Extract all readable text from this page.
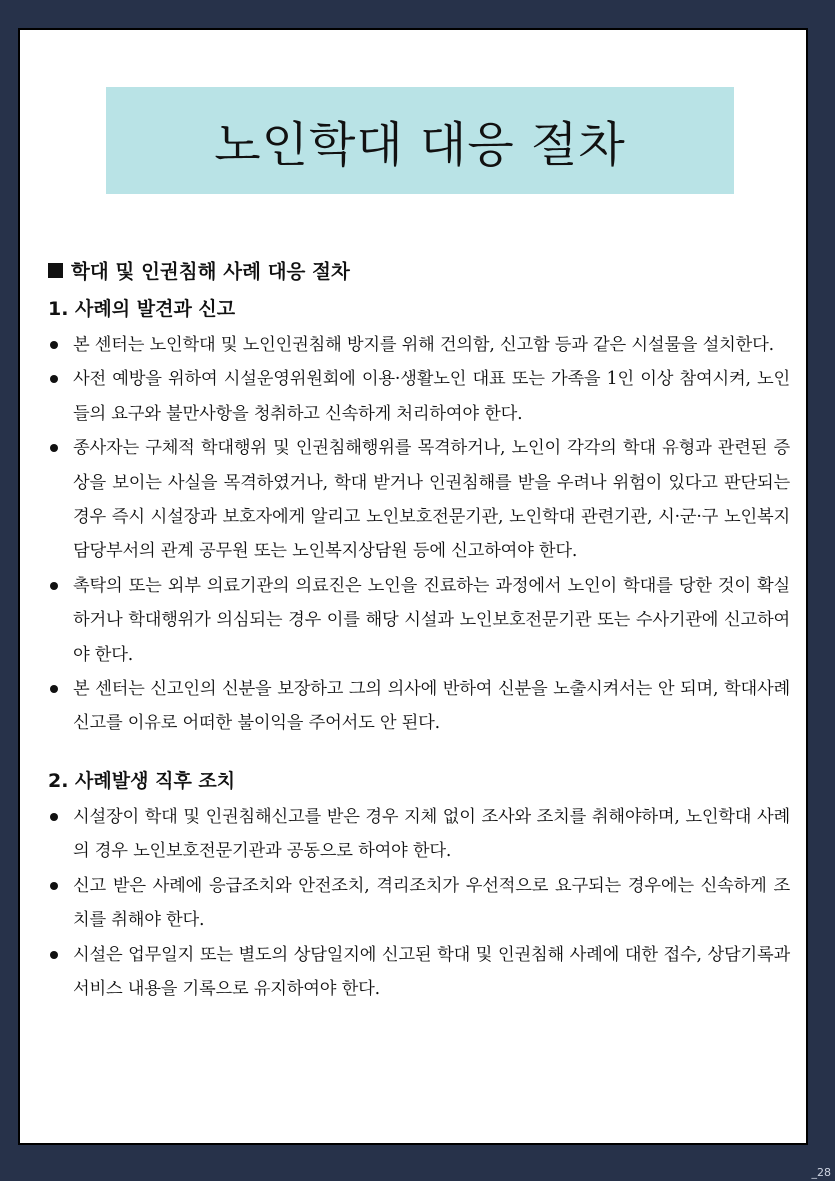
노인학대 대응 절차
학대 및 인권침해 사례 대응 절차
1. 사례의 발견과 신고
본 센터는 노인학대 및 노인인권침해 방지를 위해 건의함, 신고함 등과 같은 시설물을 설치한다.
사전 예방을 위하여 시설운영위원회에 이용·생활노인 대표 또는 가족을 1인 이상 참여시켜, 노인들의 요구와 불만사항을 청취하고 신속하게 처리하여야 한다.
종사자는 구체적 학대행위 및 인권침해행위를 목격하거나, 노인이 각각의 학대 유형과 관련된 증상을 보이는 사실을 목격하였거나, 학대 받거나 인권침해를 받을 우려나 위험이 있다고 판단되는 경우 즉시 시설장과 보호자에게 알리고 노인보호전문기관, 노인학대 관련기관, 시·군·구 노인복지 담당부서의 관계 공무원 또는 노인복지상담원 등에 신고하여야 한다.
촉탁의 또는 외부 의료기관의 의료진은 노인을 진료하는 과정에서 노인이 학대를 당한 것이 확실하거나 학대행위가 의심되는 경우 이를 해당 시설과 노인보호전문기관 또는 수사기관에 신고하여야 한다.
본 센터는 신고인의 신분을 보장하고 그의 의사에 반하여 신분을 노출시켜서는 안 되며, 학대사례 신고를 이유로 어떠한 불이익을 주어서도 안 된다.
2. 사례발생 직후 조치
시설장이 학대 및 인권침해신고를 받은 경우 지체 없이 조사와 조치를 취해야하며, 노인학대 사례의 경우 노인보호전문기관과 공동으로 하여야 한다.
신고 받은 사례에 응급조치와 안전조치, 격리조치가 우선적으로 요구되는 경우에는 신속하게 조치를 취해야 한다.
시설은 업무일지 또는 별도의 상담일지에 신고된 학대 및 인권침해 사례에 대한 접수, 상담기록과 서비스 내용을 기록으로 유지하여야 한다.
_28
